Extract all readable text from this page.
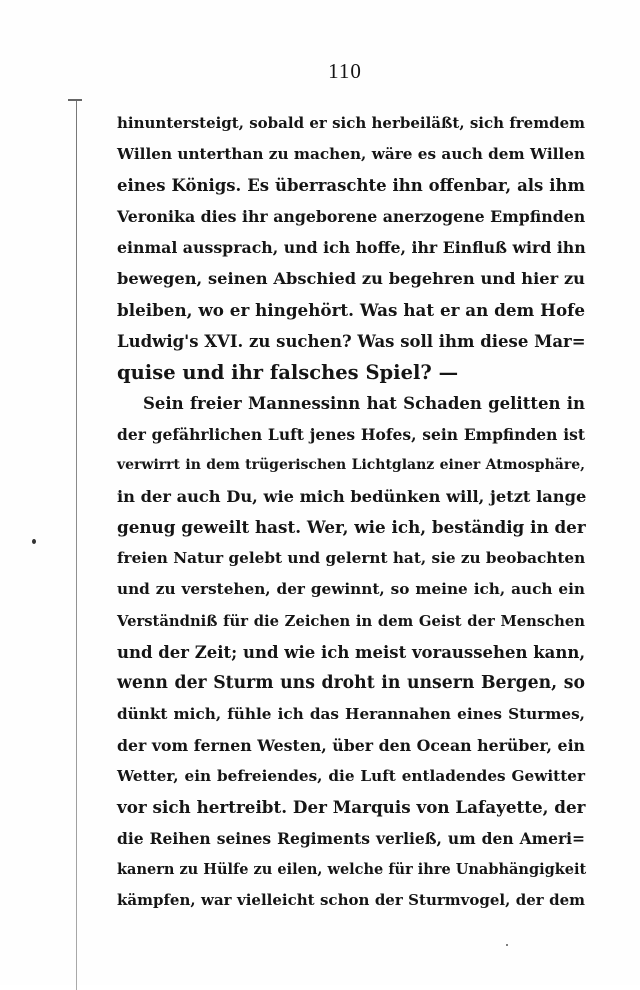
110
hinuntersteigt, sobald er sich herbeiläßt, sich fremdem
Willen unterthan zu machen, wäre es auch dem Willen
eines Königs. Es überraschte ihn offenbar, als ihm
Veronika dies ihr angeborene anerzogene Empfinden
einmal aussprach, und ich hoffe, ihr Einfluß wird ihn
bewegen, seinen Abschied zu begehren und hier zu
bleiben, wo er hingehört. Was hat er an dem Hofe
Ludwig's XVI. zu suchen? Was soll ihm diese Mar=
quise und ihr falsches Spiel? —
Sein freier Mannessinn hat Schaden gelitten in
der gefährlichen Luft jenes Hofes, sein Empfinden ist
verwirrt in dem trügerischen Lichtglanz einer Atmosphäre,
in der auch Du, wie mich bedünken will, jetzt lange
genug geweilt hast. Wer, wie ich, beständig in der
freien Natur gelebt und gelernt hat, sie zu beobachten
und zu verstehen, der gewinnt, so meine ich, auch ein
Verständniß für die Zeichen in dem Geist der Menschen
und der Zeit; und wie ich meist voraussehen kann,
wenn der Sturm uns droht in unsern Bergen, so
dünkt mich, fühle ich das Herannahen eines Sturmes,
der vom fernen Westen, über den Ocean herüber, ein
Wetter, ein befreiendes, die Luft entladendes Gewitter
vor sich hertreibt. Der Marquis von Lafayette, der
die Reihen seines Regiments verließ, um den Ameri=
kanern zu Hülfe zu eilen, welche für ihre Unabhängigkeit
kämpfen, war vielleicht schon der Sturmvogel, der dem
